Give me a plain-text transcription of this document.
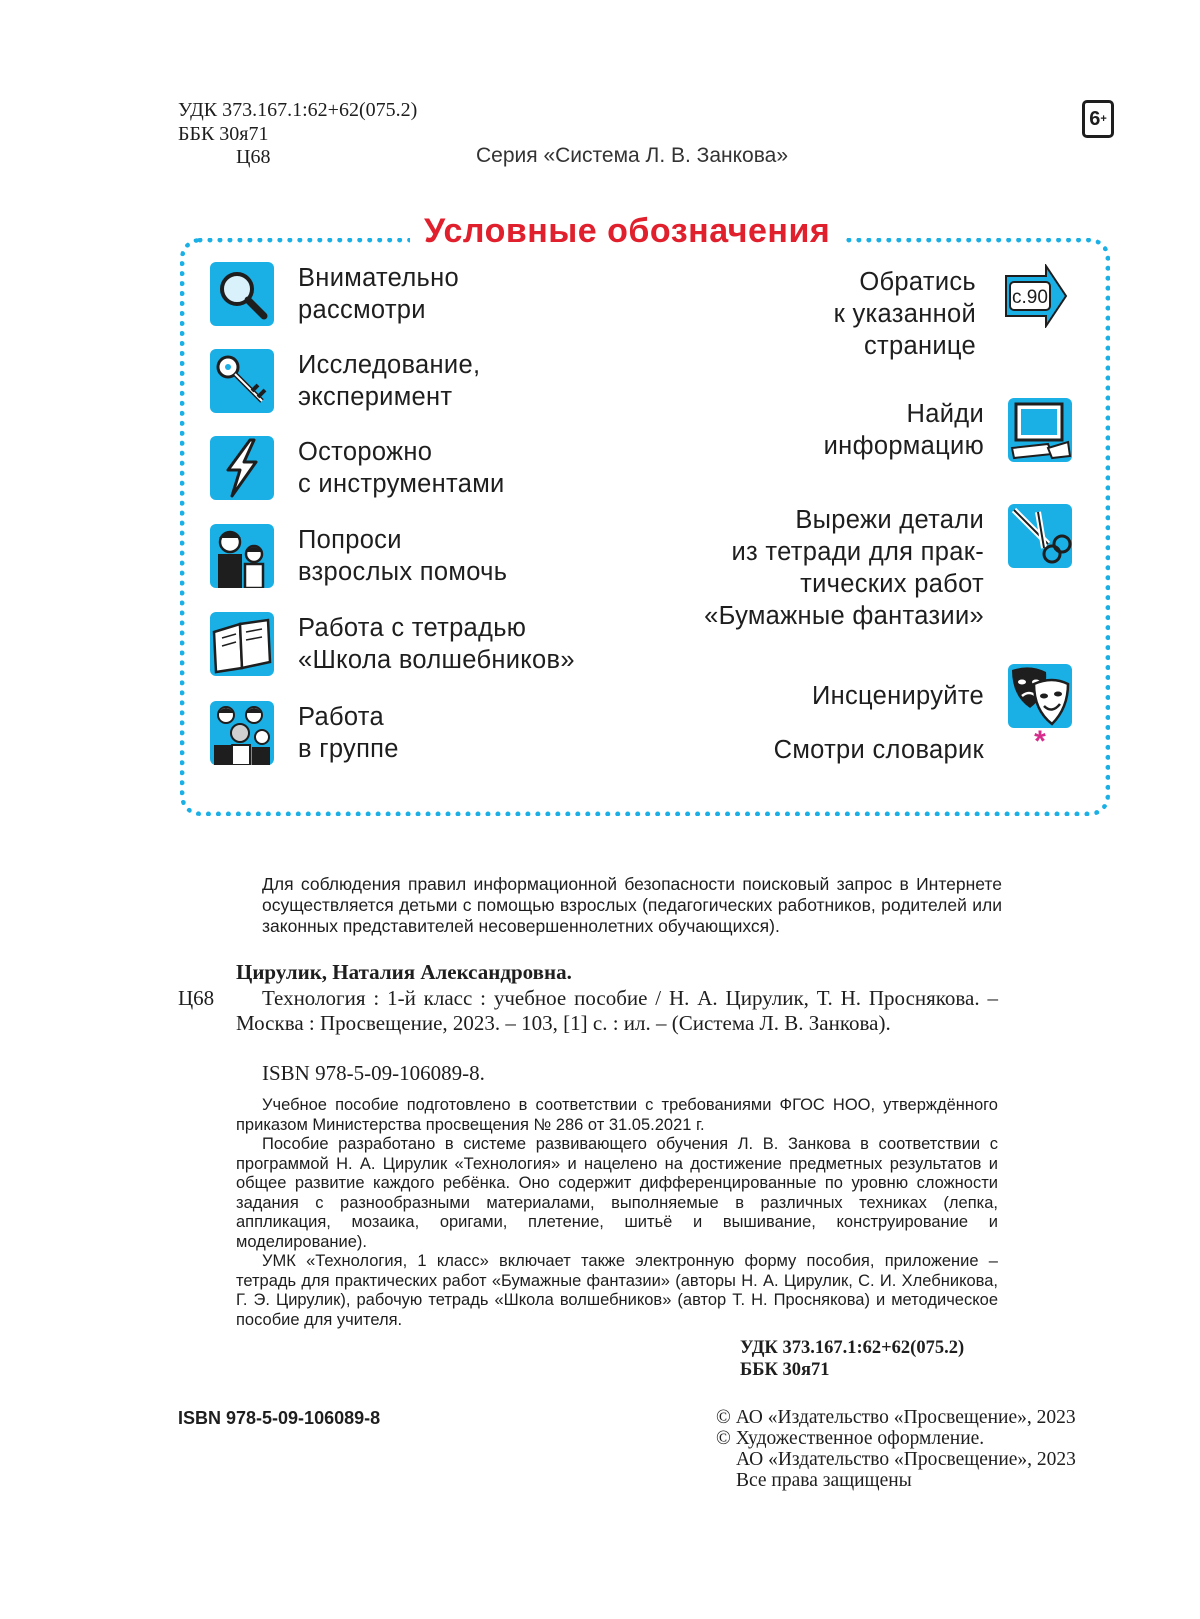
УДК 373.167.1:62+62(075.2)
ББК 30я71
Ц68	Серия «Система Л. В. Занкова»
6 +
Условные обозначения
Внимательно
рассмотри
Исследование,
эксперимент
Осторожно
с инструментами
Попроси
взрослых помочь
Работа с тетрадью
«Школа волшебников»
Работа
в группе
Обратись
к указанной
странице
с.90
Найди
информацию
Вырежи детали
из тетради для прак-
тических работ
«Бумажные фантазии»
Инсценируйте
Смотри словарик	*
Для соблюдения правил информационной безопасности поисковый запрос в Интернете осуществляется детьми с помощью взрослых (педагогических работников, родителей или законных представителей несовершеннолетних обучающихся).
Цирулик, Наталия Александровна.
Ц68	Технология : 1-й класс : учебное пособие / Н. А. Цирулик, Т. Н. Проснякова. – Москва : Просвещение, 2023. – 103, [1] с. : ил. – (Система Л. В. Занкова).
ISBN 978-5-09-106089-8.

Учебное пособие подготовлено в соответствии с требованиями ФГОС НОО, утверждённого приказом Министерства просвещения № 286 от 31.05.2021 г.

Пособие разработано в системе развивающего обучения Л. В. Занкова в соответствии с программой Н. А. Цирулик «Технология» и нацелено на достижение предметных результатов и общее развитие каждого ребёнка. Оно содержит дифференцированные по уровню сложности задания с разнообразными материалами, выполняемые в различных техниках (лепка, аппликация, мозаика, оригами, плетение, шитьё и вышивание, конструирование и моделирование).

УМК «Технология, 1 класс» включает также электронную форму пособия, приложение – тетрадь для практических работ «Бумажные фантазии» (авторы Н. А. Цирулик, С. И. Хлебникова, Г. Э. Цирулик), рабочую тетрадь «Школа волшебников» (автор Т. Н. Проснякова) и методическое пособие для учителя.

УДК 373.167.1:62+62(075.2)
ББК 30я71
ISBN 978-5-09-106089-8	© АО «Издательство «Просвещение», 2023
© Художественное оформление.
АО «Издательство «Просвещение», 2023
Все права защищены
